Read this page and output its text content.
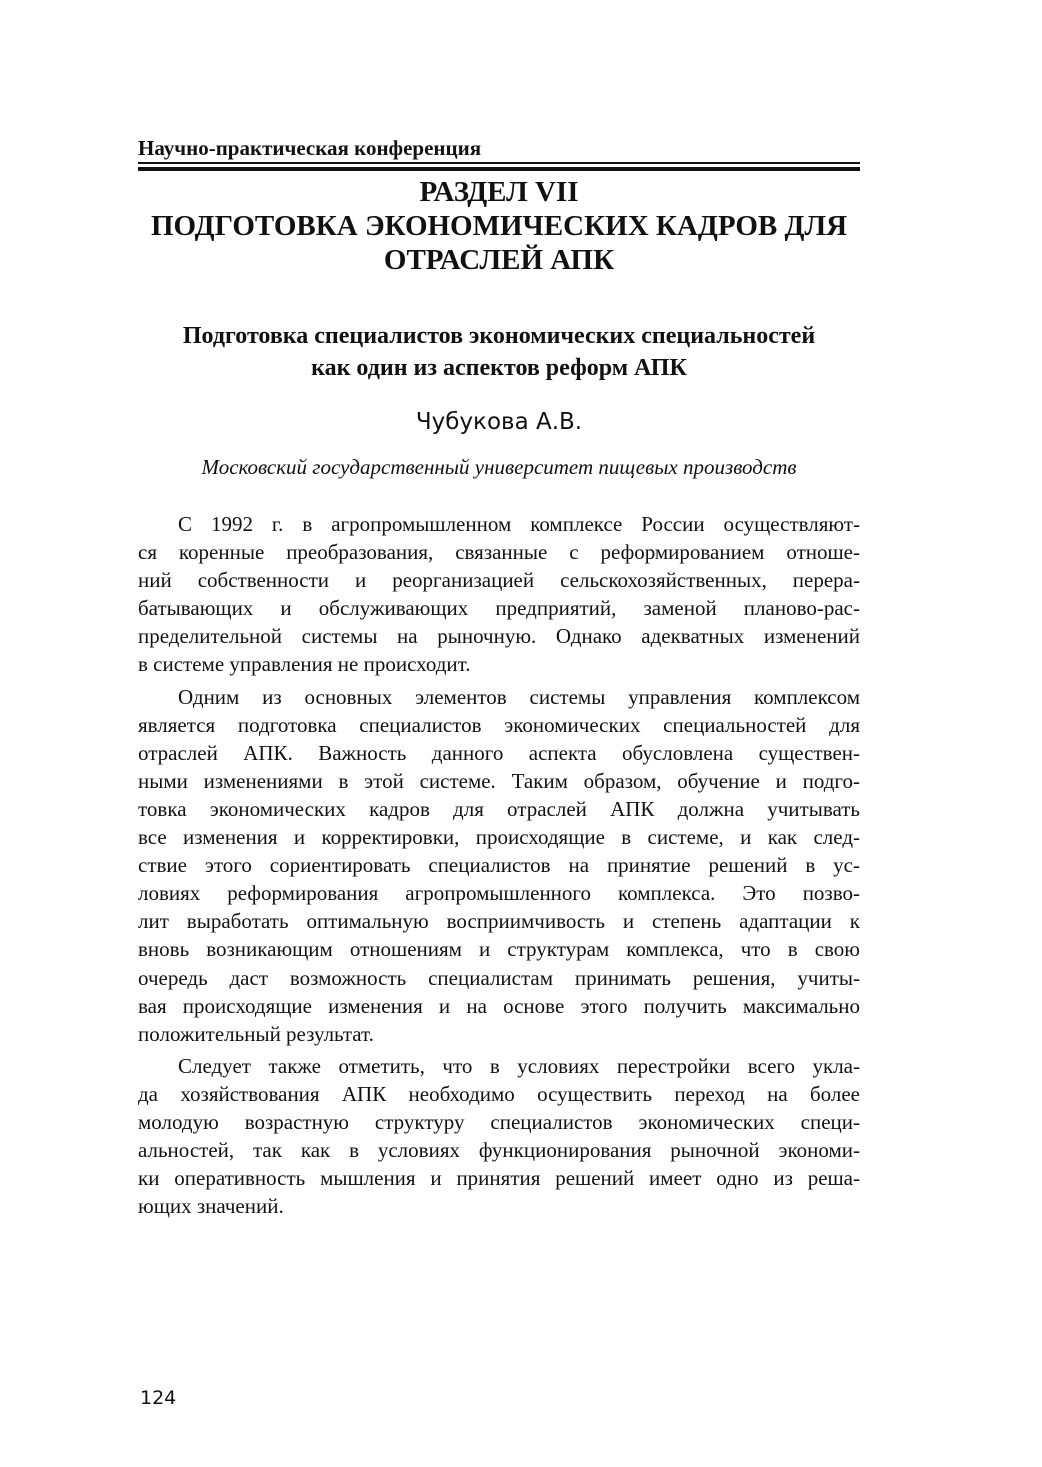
Научно-практическая конференция
РАЗДЕЛ VII
ПОДГОТОВКА ЭКОНОМИЧЕСКИХ КАДРОВ ДЛЯ
ОТРАСЛЕЙ АПК
Подготовка специалистов экономических специальностей
как один из аспектов реформ АПК
Чубукова А.В.
Московский государственный университет пищевых производств
С 1992 г. в агропромышленном комплексе России осуществляют-
ся коренные преобразования, связанные с реформированием отноше-
ний собственности и реорганизацией сельскохозяйственных, перера-
батывающих и обслуживающих предприятий, заменой планово-рас-
пределительной системы на рыночную. Однако адекватных изменений
в системе управления не происходит.
Одним из основных элементов системы управления комплексом
является подготовка специалистов экономических специальностей для
отраслей АПК. Важность данного аспекта обусловлена существен-
ными изменениями в этой системе. Таким образом, обучение и подго-
товка экономических кадров для отраслей АПК должна учитывать
все изменения и корректировки, происходящие в системе, и как след-
ствие этого сориентировать специалистов на принятие решений в ус-
ловиях реформирования агропромышленного комплекса. Это позво-
лит выработать оптимальную восприимчивость и степень адаптации к
вновь возникающим отношениям и структурам комплекса, что в свою
очередь даст возможность специалистам принимать решения, учиты-
вая происходящие изменения и на основе этого получить максимально
положительный результат.
Следует также отметить, что в условиях перестройки всего укла-
да хозяйствования АПК необходимо осуществить переход на более
молодую возрастную структуру специалистов экономических специ-
альностей, так как в условиях функционирования рыночной экономи-
ки оперативность мышления и принятия решений имеет одно из реша-
ющих значений.
124
